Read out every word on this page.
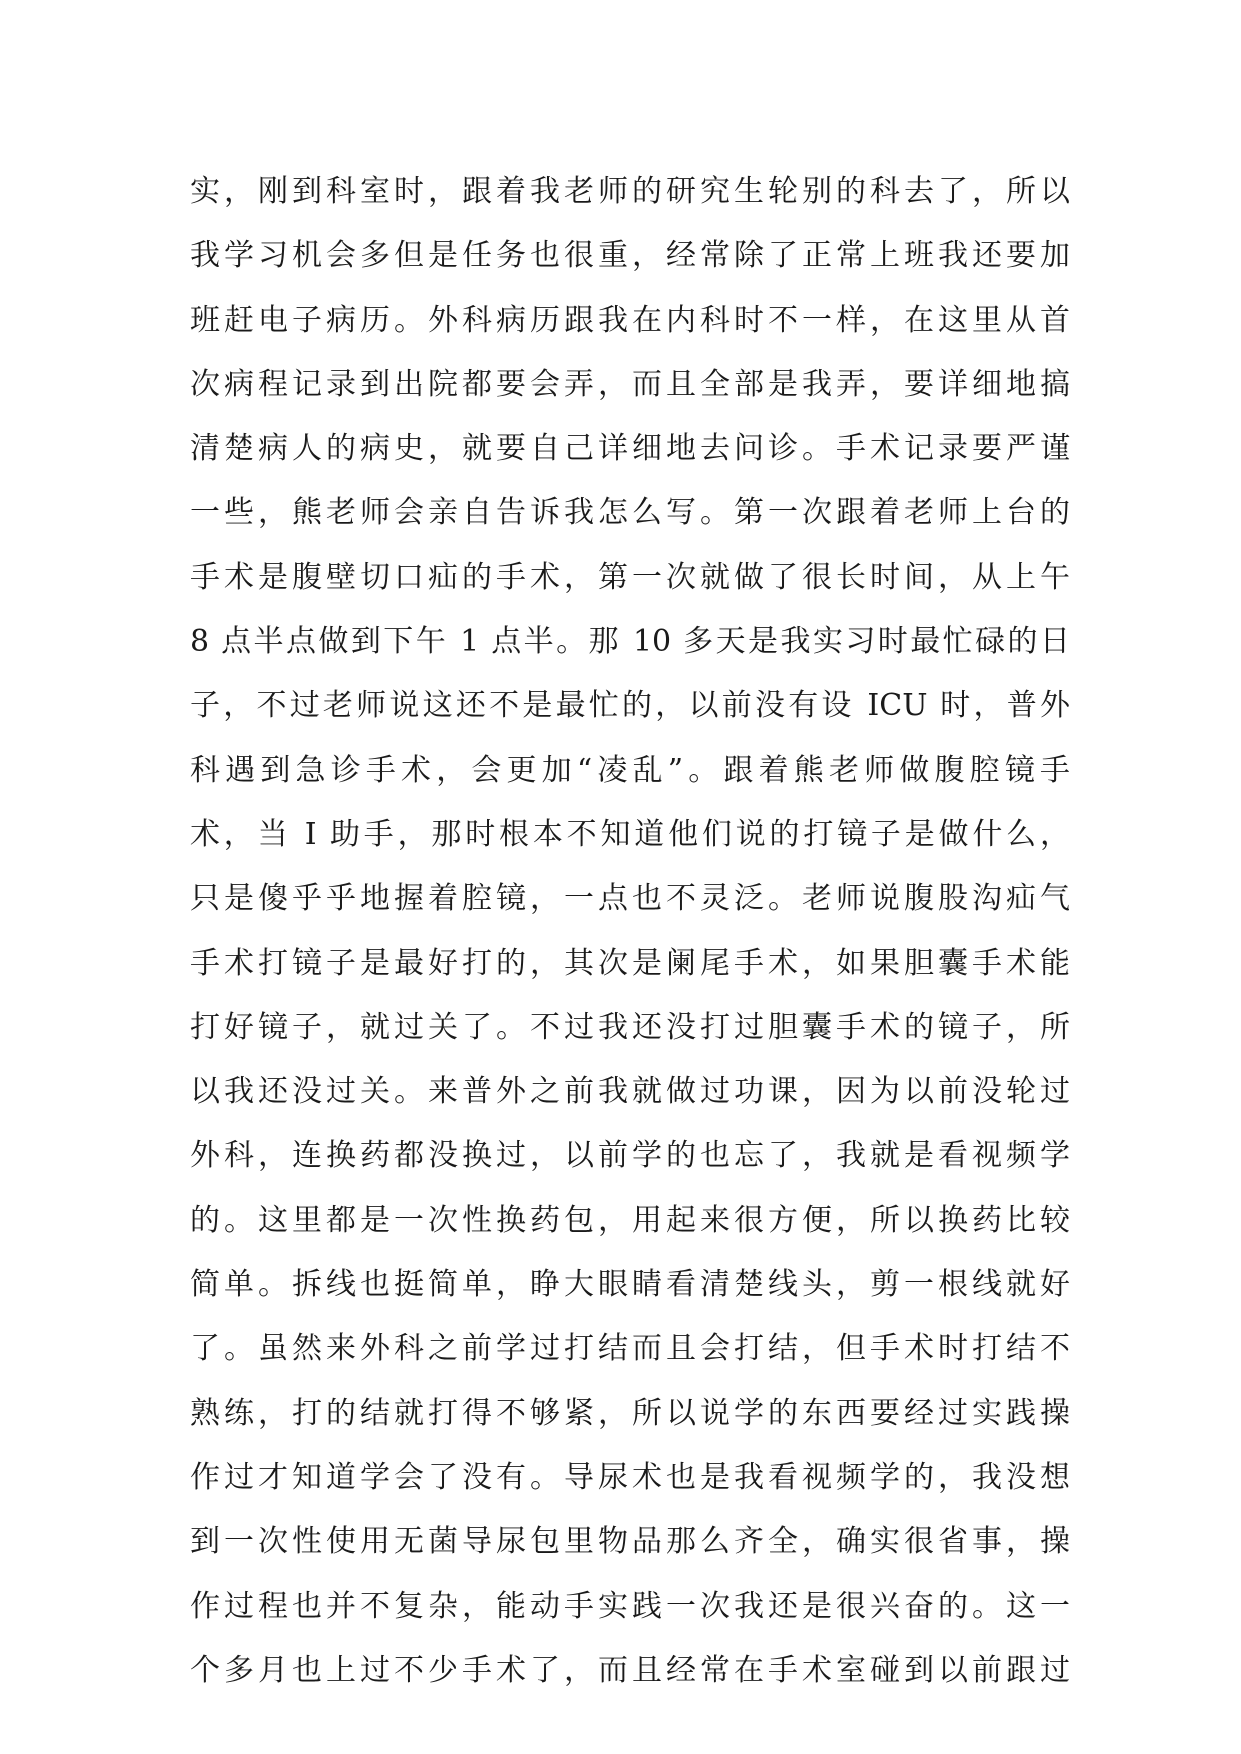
实，刚到科室时，跟着我老师的研究生轮别的科去了，所以
我学习机会多但是任务也很重，经常除了正常上班我还要加
班赶电子病历。外科病历跟我在内科时不一样，在这里从首
次病程记录到出院都要会弄，而且全部是我弄，要详细地搞
清楚病人的病史，就要自己详细地去问诊。手术记录要严谨
一些，熊老师会亲自告诉我怎么写。第一次跟着老师上台的
手术是腹壁切口疝的手术，第一次就做了很长时间，从上午
8 点半点做到下午 1 点半。那 10 多天是我实习时最忙碌的日
子，不过老师说这还不是最忙的，以前没有设 ICU 时，普外
科遇到急诊手术，会更加“凌乱”。跟着熊老师做腹腔镜手
术，当 I 助手，那时根本不知道他们说的打镜子是做什么，
只是傻乎乎地握着腔镜，一点也不灵泛。老师说腹股沟疝气
手术打镜子是最好打的，其次是阑尾手术，如果胆囊手术能
打好镜子，就过关了。不过我还没打过胆囊手术的镜子，所
以我还没过关。来普外之前我就做过功课，因为以前没轮过
外科，连换药都没换过，以前学的也忘了，我就是看视频学
的。这里都是一次性换药包，用起来很方便，所以换药比较
简单。拆线也挺简单，睁大眼睛看清楚线头，剪一根线就好
了。虽然来外科之前学过打结而且会打结，但手术时打结不
熟练，打的结就打得不够紧，所以说学的东西要经过实践操
作过才知道学会了没有。导尿术也是我看视频学的，我没想
到一次性使用无菌导尿包里物品那么齐全，确实很省事，操
作过程也并不复杂，能动手实践一次我还是很兴奋的。这一
个多月也上过不少手术了，而且经常在手术室碰到以前跟过
